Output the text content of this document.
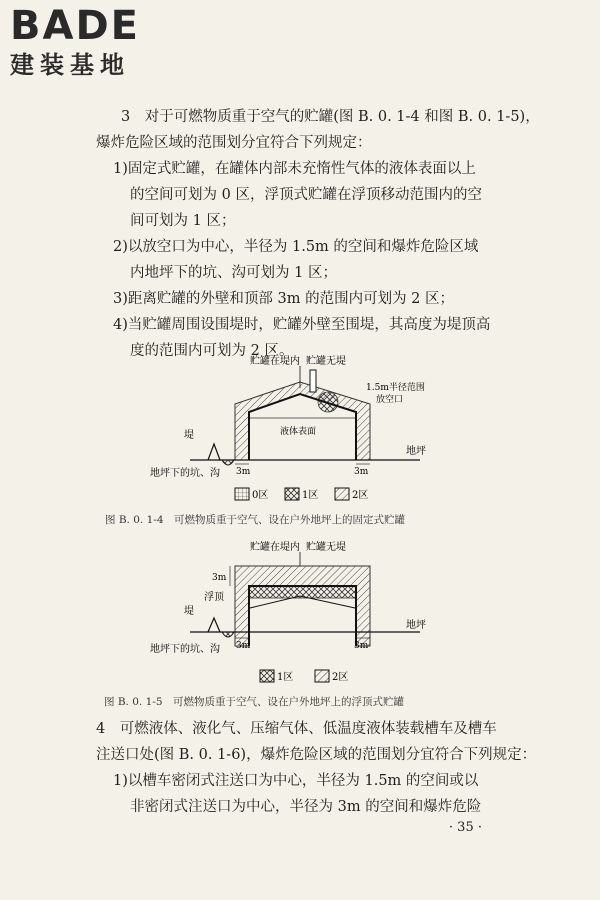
BADE
建装基地
3　对于可燃物质重于空气的贮罐(图 B. 0. 1-4 和图 B. 0. 1-5)，
爆炸危险区域的范围划分宜符合下列规定：
1)固定式贮罐，在罐体内部未充惰性气体的液体表面以上
的空间可划为 0 区，浮顶式贮罐在浮顶移动范围内的空
间可划为 1 区；
2)以放空口为中心，半径为 1.5m 的空间和爆炸危险区域
内地坪下的坑、沟可划为 1 区；
3)距离贮罐的外壁和顶部 3m 的范围内可划为 2 区；
4)当贮罐周围设围堤时，贮罐外壁至围堤，其高度为堤顶高
度的范围内可划为 2 区。
贮罐在堤内 贮罐无堤
1.5m半径范围
放空口
液体表面
堤
地坪
地坪下的坑、沟 3m	3m
0区	1区	2区
图 B. 0. 1-4　可燃物质重于空气、设在户外地坪上的固定式贮罐
贮罐在堤内 贮罐无堤
3m
浮顶
堤
地坪
地坪下的坑、沟 3m	3m
1区	2区
图 B. 0. 1-5　可燃物质重于空气、设在户外地坪上的浮顶式贮罐
4　可燃液体、液化气、压缩气体、低温度液体装载槽车及槽车
注送口处(图 B. 0. 1-6)，爆炸危险区域的范围划分宜符合下列规定：
1)以槽车密闭式注送口为中心，半径为 1.5m 的空间或以
非密闭式注送口为中心，半径为 3m 的空间和爆炸危险
· 35 ·
